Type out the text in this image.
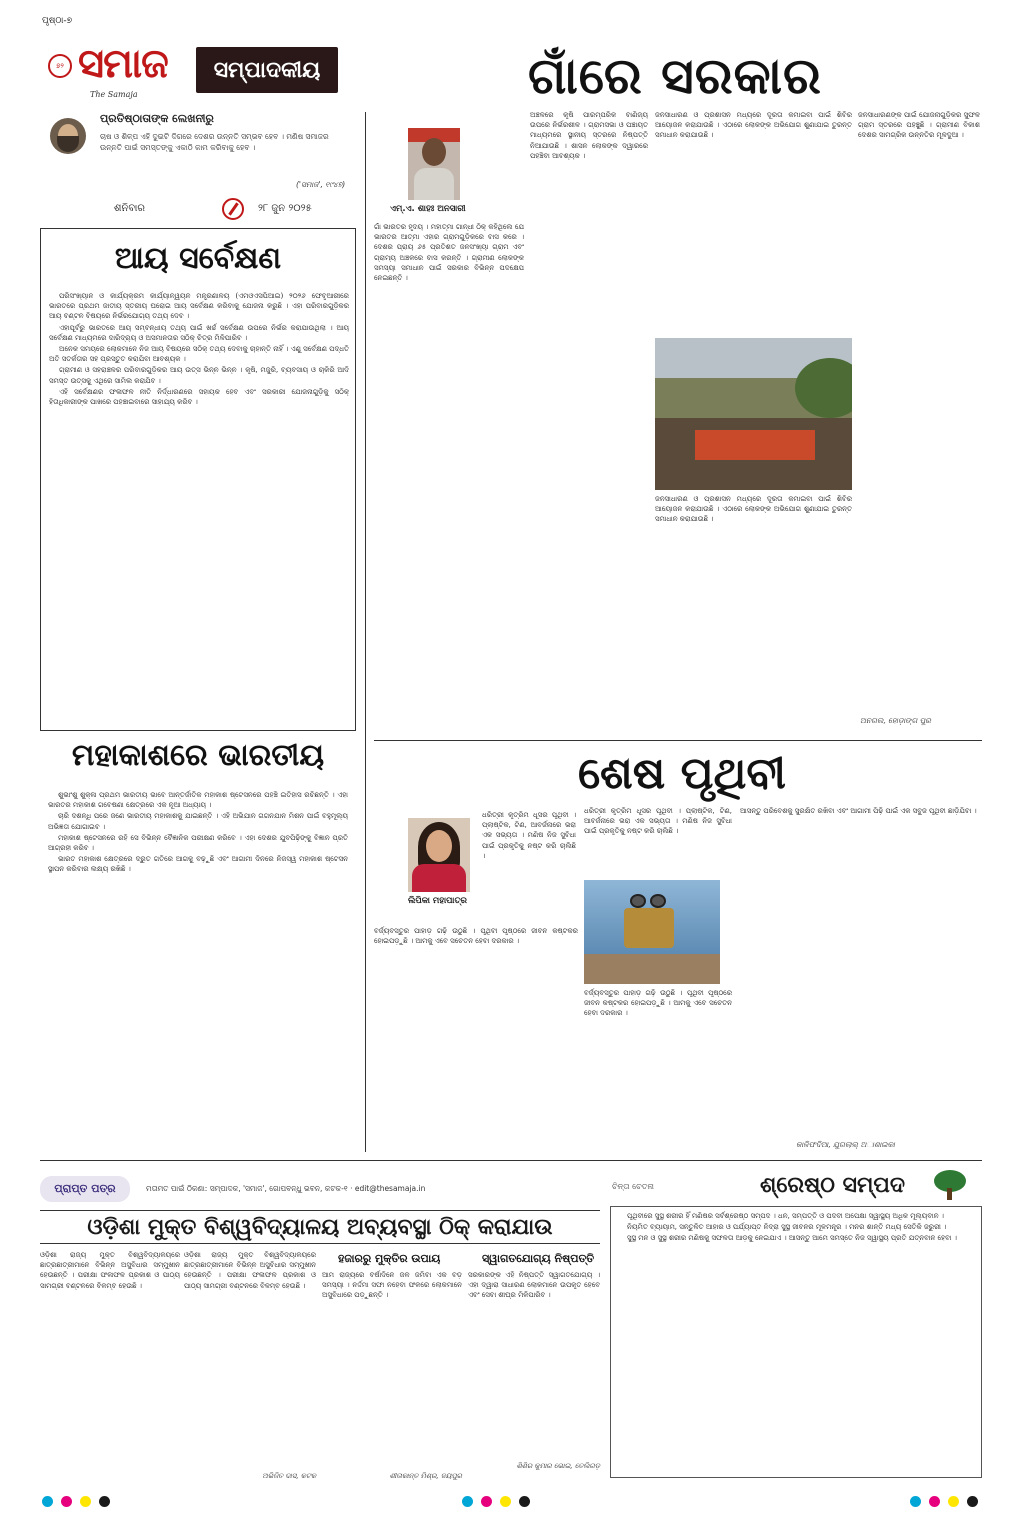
ପୃଷ୍ଠା-୭
୭୨ ସମାଜ
The Samaja
ସମ୍ପାଦକୀୟ
ପ୍ରତିଷ୍ଠାତାଙ୍କ ଲେଖନୀରୁ
ଚାଷ ଓ ଶିଳ୍ପ ଏହି ଦୁଇଟି ଦିଗରେ ଦେଶର ଉନ୍ନତି ସମ୍ଭବ ହେବ । ମଣିଷ ସମାଜର ଉନ୍ନତି ପାଇଁ ସମସ୍ତଙ୍କୁ ଏକାଠି କାମ କରିବାକୁ ହେବ ।
('ସମାଜ', ୧୯୪୭)
ଶନିବାର	୨୮ ଜୁନ ୨୦୨୫
ଆୟ ସର୍ବେକ୍ଷଣ

ପରିସଂଖ୍ୟାନ ଓ କାର୍ଯ୍ୟକ୍ରମ କାର୍ଯ୍ୟାନ୍ୱୟନ ମନ୍ତ୍ରଣାଳୟ (ଏମଓଏସପିଆଇ) ୨୦୨୬ ଫେବୃଆରୀରେ ଭାରତରେ ପ୍ରଥମ ଜାତୀୟ ସ୍ତରୀୟ ଘରୋଇ ଆୟ ସର୍ବେକ୍ଷଣ କରିବାକୁ ଯୋଜନା କରୁଛି । ଏହା ପରିବାରଗୁଡ଼ିକର ଆୟ ବଣ୍ଟନ ବିଷୟରେ ନିର୍ଭରଯୋଗ୍ୟ ତଥ୍ୟ ଦେବ ।

ଏହାପୂର୍ବରୁ ଭାରତରେ ଆୟ ସମ୍ବନ୍ଧୀୟ ତଥ୍ୟ ପାଇଁ ଖର୍ଚ୍ଚ ସର୍ବେକ୍ଷଣ ଉପରେ ନିର୍ଭର କରାଯାଉଥିଲା । ଆୟ ସର୍ବେକ୍ଷଣ ମାଧ୍ୟମରେ ଦାରିଦ୍ର୍ୟ ଓ ଅସମାନତାର ସଠିକ୍ ଚିତ୍ର ମିଳିପାରିବ ।

ଅନେକ ସମୟରେ ଲୋକମାନେ ନିଜ ଆୟ ବିଷୟରେ ସଠିକ୍ ତଥ୍ୟ ଦେବାକୁ ଚାହାନ୍ତି ନାହିଁ । ଏଣୁ ସର୍ବେକ୍ଷଣ ପଦ୍ଧତି ଅତି ସତର୍କତାର ସହ ପ୍ରସ୍ତୁତ କରାଯିବା ଆବଶ୍ୟକ ।

ଗ୍ରାମୀଣ ଓ ସହରାଞ୍ଚଳର ପରିବାରଗୁଡ଼ିକର ଆୟ ଉତ୍ସ ଭିନ୍ନ ଭିନ୍ନ । କୃଷି, ମଜୁରି, ବ୍ୟବସାୟ ଓ ଚାକିରି ଆଦି ସମସ୍ତ ଉତ୍ସକୁ ଏଥିରେ ସାମିଲ କରାଯିବ ।

ଏହି ସର୍ବେକ୍ଷଣର ଫଳାଫଳ ନୀତି ନିର୍ଦ୍ଧାରଣରେ ସହାୟକ ହେବ ଏବଂ ସରକାରୀ ଯୋଜନାଗୁଡ଼ିକୁ ସଠିକ୍ ହିତାଧିକାରୀଙ୍କ ପାଖରେ ପହଞ୍ଚାଇବାରେ ସାହାଯ୍ୟ କରିବ ।

ମହାକାଶରେ ଭାରତୀୟ

ଶୁଭାଂଶୁ ଶୁକ୍ଳା ପ୍ରଥମ ଭାରତୀୟ ଭାବେ ଆନ୍ତର୍ଜାତିକ ମହାକାଶ ଷ୍ଟେସନରେ ପହଞ୍ଚି ଇତିହାସ ରଚିଛନ୍ତି । ଏହା ଭାରତର ମହାକାଶ ଗବେଷଣା କ୍ଷେତ୍ରରେ ଏକ ନୂଆ ଅଧ୍ୟାୟ ।

ଚାରି ଦଶନ୍ଧି ପରେ ଜଣେ ଭାରତୀୟ ମହାକାଶକୁ ଯାଇଛନ୍ତି । ଏହି ଅଭିଯାନ ଗଗନଯାନ ମିଶନ ପାଇଁ ବହୁମୂଲ୍ୟ ଅଭିଜ୍ଞତା ଯୋଗାଇବ ।

ମହାକାଶ ଷ୍ଟେସନରେ ରହି ସେ ବିଭିନ୍ନ ବୈଜ୍ଞାନିକ ପରୀକ୍ଷଣ କରିବେ । ଏହା ଦେଶର ଯୁବପିଢ଼ିଙ୍କୁ ବିଜ୍ଞାନ ପ୍ରତି ଆଗ୍ରହୀ କରିବ ।

ଭାରତ ମହାକାଶ କ୍ଷେତ୍ରରେ ଦ୍ରୁତ ଗତିରେ ଆଗକୁ ବଢ଼ୁଛି ଏବଂ ଆଗାମୀ ଦିନରେ ନିଜସ୍ୱ ମହାକାଶ ଷ୍ଟେସନ ସ୍ଥାପନ କରିବାର ଲକ୍ଷ୍ୟ ରଖିଛି ।

ଗାଁରେ ସରକାର
ଏମ୍.ଏ. ଶାହଃ ଅନସାରୀ
ଗାଁ ଭାରତର ହୃଦୟ । ମହାତ୍ମା ଗାନ୍ଧୀ ଠିକ୍ କହିଥିଲେ ଯେ ଭାରତର ଆତ୍ମା ଏହାର ଗ୍ରାମଗୁଡ଼ିକରେ ବାସ କରେ । ଦେଶର ପ୍ରାୟ ୬୫ ପ୍ରତିଶତ ଜନସଂଖ୍ୟା ଗ୍ରାମ ଏବଂ ଗ୍ରାମ୍ୟ ଅଞ୍ଚଳରେ ବାସ କରନ୍ତି । ଗ୍ରାମୀଣ ଲୋକଙ୍କ ସମସ୍ୟା ସମାଧାନ ପାଇଁ ସରକାର ବିଭିନ୍ନ ପଦକ୍ଷେପ ନେଇଛନ୍ତି ।
ଅଞ୍ଚଳରେ କୃଷି ପାରମ୍ପରିକ ବାଣିଜ୍ୟ ଉପରେ ନିର୍ଭରଶୀଳ । ଗ୍ରାମସଭା ଓ ପଞ୍ଚାୟତ ମାଧ୍ୟମରେ ସ୍ଥାନୀୟ ସ୍ତରରେ ନିଷ୍ପତ୍ତି ନିଆଯାଉଛି । ଶାସନ ଲୋକଙ୍କ ଦ୍ୱାରରେ ପହଞ୍ଚିବା ଆବଶ୍ୟକ ।
ଜନସାଧାରଣ ଓ ପ୍ରଶାସନ ମଧ୍ୟରେ ଦୂରତା କମାଇବା ପାଇଁ ଶିବିର ଆୟୋଜନ କରାଯାଉଛି । ଏଠାରେ ଲୋକଙ୍କ ଅଭିଯୋଗ ଶୁଣାଯାଇ ତୁରନ୍ତ ସମାଧାନ କରାଯାଉଛି ।
ଜନସାଧାରଣ ଓ ପ୍ରଶାସନ ମଧ୍ୟରେ ଦୂରତା କମାଇବା ପାଇଁ ଶିବିର ଆୟୋଜନ କରାଯାଉଛି । ଏଠାରେ ଲୋକଙ୍କ ଅଭିଯୋଗ ଶୁଣାଯାଇ ତୁରନ୍ତ ସମାଧାନ କରାଯାଉଛି ।
ଜନସାଧାରଣଙ୍କ ପାଇଁ ଯୋଜନାଗୁଡ଼ିକର ସୁଫଳ ଗ୍ରାମ ସ୍ତରରେ ପହଞ୍ଚୁଛି । ଗ୍ରାମୀଣ ବିକାଶ ଦେଶର ସାମଗ୍ରିକ ଉନ୍ନତିର ମୂଳଦୁଆ ।
ଅନଗଲ, ହୋଡ଼ାଙ୍ଗ ପୁର
ଶେଷ ପୃଥିବୀ
ଲିପିକା ମହାପାତ୍ର
ଧରିତ୍ରୀ କୃତ୍ରିମ ଧୂସର ପୃଥିବୀ । ପ୍ଲାଷ୍ଟିକ, ଟିଣ, ଆବର୍ଜନାରେ ଭରା ଏକ ସଭ୍ୟତା । ମଣିଷ ନିଜ ସୁବିଧା ପାଇଁ ପ୍ରକୃତିକୁ ନଷ୍ଟ କରି ଚାଲିଛି ।
ବର୍ଜ୍ୟବସ୍ତୁର ପାହାଡ଼ ଗଢ଼ି ଉଠୁଛି । ପୃଥିବୀ ପୃଷ୍ଠରେ ଜୀବନ କଷ୍ଟକର ହୋଇପଡ଼ୁଛି । ଆମକୁ ଏବେ ସଚେତନ ହେବା ଦରକାର ।
ଧରିତ୍ରୀ କୃତ୍ରିମ ଧୂସର ପୃଥିବୀ । ପ୍ଲାଷ୍ଟିକ, ଟିଣ, ଆବର୍ଜନାରେ ଭରା ଏକ ସଭ୍ୟତା । ମଣିଷ ନିଜ ସୁବିଧା ପାଇଁ ପ୍ରକୃତିକୁ ନଷ୍ଟ କରି ଚାଲିଛି ।
ବର୍ଜ୍ୟବସ୍ତୁର ପାହାଡ଼ ଗଢ଼ି ଉଠୁଛି । ପୃଥିବୀ ପୃଷ୍ଠରେ ଜୀବନ କଷ୍ଟକର ହୋଇପଡ଼ୁଛି । ଆମକୁ ଏବେ ସଚେତନ ହେବା ଦରକାର ।
ଆସନ୍ତୁ ପରିବେଶକୁ ସୁରକ୍ଷିତ ରଖିବା ଏବଂ ଆଗାମୀ ପିଢ଼ି ପାଇଁ ଏକ ସବୁଜ ପୃଥିବୀ ଛାଡ଼ିଯିବା ।
କାଳିଫଦିଆ, ଯୁଗଲାଲ୍ ଅାଶାଇକା
ପ୍ରାପ୍ତ ପତ୍ର	ମତାମତ ପାଇଁ ଠିକଣା: ସମ୍ପାଦକ, 'ସମାଜ', ଗୋପବନ୍ଧୁ ଭବନ, କଟକ-୧ · edit@thesamaja.in
ଓଡ଼ିଶା ମୁକ୍ତ ବିଶ୍ୱବିଦ୍ୟାଳୟ ଅବ୍ୟବସ୍ଥା ଠିକ୍ କରାଯାଉ
ଓଡ଼ିଶା ରାଜ୍ୟ ମୁକ୍ତ ବିଶ୍ୱବିଦ୍ୟାଳୟରେ ଛାତ୍ରଛାତ୍ରୀମାନେ ବିଭିନ୍ନ ଅସୁବିଧାର ସମ୍ମୁଖୀନ ହେଉଛନ୍ତି । ପରୀକ୍ଷା ଫଳାଫଳ ପ୍ରକାଶ ଓ ପାଠ୍ୟ ସାମଗ୍ରୀ ବଣ୍ଟନରେ ବିଳମ୍ବ ହେଉଛି ।
ଓଡ଼ିଶା ରାଜ୍ୟ ମୁକ୍ତ ବିଶ୍ୱବିଦ୍ୟାଳୟରେ ଛାତ୍ରଛାତ୍ରୀମାନେ ବିଭିନ୍ନ ଅସୁବିଧାର ସମ୍ମୁଖୀନ ହେଉଛନ୍ତି । ପରୀକ୍ଷା ଫଳାଫଳ ପ୍ରକାଶ ଓ ପାଠ୍ୟ ସାମଗ୍ରୀ ବଣ୍ଟନରେ ବିଳମ୍ବ ହେଉଛି ।
ଅଭିଜିତ ଦାସ, କଟକ
ହଜାରରୁ ମୁକ୍ତିର ଉପାୟ
ଆମ ରାଜ୍ୟରେ ବର୍ଷାଦିନେ ଜଳ ଜମିବା ଏକ ବଡ଼ ସମସ୍ୟା । ନର୍ଦ୍ଦମା ସଫା ନହେବା ଫଳରେ ଲୋକମାନେ ଅସୁବିଧାରେ ପଡ଼ୁଛନ୍ତି ।
ଶୀତାକାନ୍ତ ମିଶ୍ର, ଜୟପୁର
ସ୍ୱାଗତଯୋଗ୍ୟ ନିଷ୍ପତ୍ତି
ସରକାରଙ୍କ ଏହି ନିଷ୍ପତ୍ତି ସ୍ୱାଗତଯୋଗ୍ୟ । ଏହା ଦ୍ୱାରା ସାଧାରଣ ଲୋକମାନେ ଉପକୃତ ହେବେ ଏବଂ ସେବା ଶୀଘ୍ର ମିଳିପାରିବ ।
ଶିଶିର କୁମାର ଭୋଇ, ତେଲିଗଡ଼
ଚିନ୍ତା ଚେତନା	ଶ୍ରେଷ୍ଠ ସମ୍ପଦ

ପୃଥିବୀରେ ସୁସ୍ଥ ଶରୀର ହିଁ ମଣିଷର ସର୍ବଶ୍ରେଷ୍ଠ ସମ୍ପଦ । ଧନ, ସମ୍ପତ୍ତି ଓ ପଦବୀ ଅପେକ୍ଷା ସ୍ୱାସ୍ଥ୍ୟ ଅଧିକ ମୂଲ୍ୟବାନ ।

ନିୟମିତ ବ୍ୟାୟାମ, ସନ୍ତୁଳିତ ଆହାର ଓ ପର୍ଯ୍ୟାପ୍ତ ନିଦ୍ରା ସୁସ୍ଥ ଜୀବନର ମୂଳମନ୍ତ୍ର । ମନର ଶାନ୍ତି ମଧ୍ୟ ସେତିକି ଜରୁରୀ ।

ସୁସ୍ଥ ମନ ଓ ସୁସ୍ଥ ଶରୀର ମଣିଷକୁ ସଫଳତା ଆଡ଼କୁ ନେଇଯାଏ । ଆସନ୍ତୁ ଆମେ ସମସ୍ତେ ନିଜ ସ୍ୱାସ୍ଥ୍ୟ ପ୍ରତି ଯତ୍ନବାନ ହେବା ।
